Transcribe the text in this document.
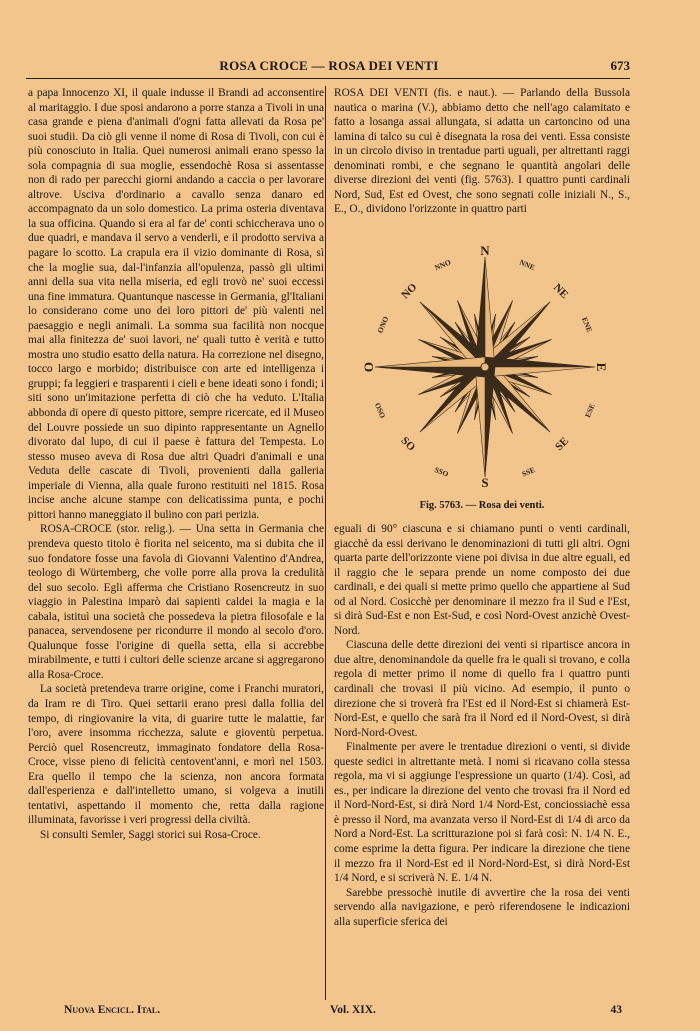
ROSA CROCE — ROSA DEI VENTI	673

a papa Innocenzo XI, il quale indusse il Brandi ad acconsentire al maritaggio. I due sposi andarono a porre stanza a Tivoli in una casa grande e piena d'animali d'ogni fatta allevati da Rosa pe' suoi studii. Da ciò gli venne il nome di Rosa di Tivoli, con cui è più conosciuto in Italia. Quei numerosi animali erano spesso la sola compagnia di sua moglie, essendochè Rosa si assentasse non di rado per parecchi giorni andando a caccia o per lavorare altrove. Usciva d'ordinario a cavallo senza danaro ed accompagnato da un solo domestico. La prima osteria diventava la sua officina. Quando si era al far de' conti schiccherava uno o due quadri, e mandava il servo a venderli, e il prodotto serviva a pagare lo scotto. La crapula era il vizio dominante di Rosa, sì che la moglie sua, dal-l'infanzia all'opulenza, passò gli ultimi anni della sua vita nella miseria, ed egli trovò ne' suoi eccessi una fine immatura. Quantunque nascesse in Germania, gl'Italiani lo considerano come uno dei loro pittori de' più valenti nel paesaggio e negli animali. La somma sua facilità non nocque mai alla finitezza de' suoi lavori, ne' quali tutto è verità e tutto mostra uno studio esatto della natura. Ha correzione nel disegno, tocco largo e morbido; distribuisce con arte ed intelligenza i gruppi; fa leggieri e trasparenti i cieli e bene ideati sono i fondi; i siti sono un'imitazione perfetta di ciò che ha veduto. L'Italia abbonda di opere di questo pittore, sempre ricercate, ed il Museo del Louvre possiede un suo dipinto rappresentante un Agnello divorato dal lupo, di cui il paese è fattura del Tempesta. Lo stesso museo aveva di Rosa due altri Quadri d'animali e una Veduta delle cascate di Tivoli, provenienti dalla galleria imperiale di Vienna, alla quale furono restituiti nel 1815. Rosa incise anche alcune stampe con delicatissima punta, e pochi pittori hanno maneggiato il bulino con pari perizia.

ROSA-CROCE (stor. relig.). — Una setta in Germania che prendeva questo titolo è fiorita nel seicento, ma si dubita che il suo fondatore fosse una favola di Giovanni Valentino d'Andrea, teologo di Würtemberg, che volle porre alla prova la credulità del suo secolo. Egli afferma che Cristiano Rosencreutz in suo viaggio in Palestina imparò dai sapienti caldei la magia e la cabala, istituì una società che possedeva la pietra filosofale e la panacea, servendosene per ricondurre il mondo al secolo d'oro. Qualunque fosse l'origine di quella setta, ella si accrebbe mirabilmente, e tutti i cultori delle scienze arcane si aggregarono alla Rosa-Croce.

La società pretendeva trarre origine, come i Franchi muratori, da Iram re di Tiro. Quei settarii erano presi dalla follia del tempo, di ringiovanire la vita, di guarire tutte le malattie, far l'oro, avere insomma ricchezza, salute e gioventù perpetua. Perciò quel Rosencreutz, immaginato fondatore della Rosa-Croce, visse pieno di felicità centovent'anni, e morì nel 1503. Era quello il tempo che la scienza, non ancora formata dall'esperienza e dall'intelletto umano, si volgeva a inutili tentativi, aspettando il momento che, retta dalla ragione illuminata, favorisse i veri progressi della civiltà.

Si consulti Semler, Saggi storici sui Rosa-Croce.

ROSA DEI VENTI (fis. e naut.). — Parlando della Bussola nautica o marina (V.), abbiamo detto che nell'ago calamitato e fatto a losanga assai allungata, si adatta un cartoncino od una lamina di talco su cui è disegnata la rosa dei venti. Essa consiste in un circolo diviso in trentadue parti uguali, per altrettanti raggi denominati rombi, e che segnano le quantità angolari delle diverse direzioni dei venti (fig. 5763). I quattro punti cardinali Nord, Sud, Est ed Ovest, che sono segnati colle iniziali N., S., E., O., dividono l'orizzonte in quattro parti

N
S
E
O
NE
NO
SE
SO
NNE
NNO
ENE
ONO
ESE
OSO
SSE
SSO
Fig. 5763. — Rosa dei venti.

eguali di 90° ciascuna e si chiamano punti o venti cardinali, giacchè da essi derivano le denominazioni di tutti gli altri. Ogni quarta parte dell'orizzonte viene poi divisa in due altre eguali, ed il raggio che le separa prende un nome composto dei due cardinali, e dei quali si mette primo quello che appartiene al Sud od al Nord. Cosicchè per denominare il mezzo fra il Sud e l'Est, si dirà Sud-Est e non Est-Sud, e così Nord-Ovest anzichè Ovest-Nord.

Ciascuna delle dette direzioni dei venti si ripartisce ancora in due altre, denominandole da quelle fra le quali si trovano, e colla regola di metter primo il nome di quello fra i quattro punti cardinali che trovasi il più vicino. Ad esempio, il punto o direzione che si troverà fra l'Est ed il Nord-Est si chiamerà Est-Nord-Est, e quello che sarà fra il Nord ed il Nord-Ovest, si dirà Nord-Nord-Ovest.

Finalmente per avere le trentadue direzioni o venti, si divide queste sedici in altrettante metà. I nomi si ricavano colla stessa regola, ma vi si aggiunge l'espressione un quarto (1/4). Così, ad es., per indicare la direzione del vento che trovasi fra il Nord ed il Nord-Nord-Est, si dirà Nord 1/4 Nord-Est, conciossiachè essa è presso il Nord, ma avanzata verso il Nord-Est di 1/4 di arco da Nord a Nord-Est. La scritturazione poi si farà così: N. 1/4 N. E., come esprime la detta figura. Per indicare la direzione che tiene il mezzo fra il Nord-Est ed il Nord-Nord-Est, si dirà Nord-Est 1/4 Nord, e si scriverà N. E. 1/4 N.

Sarebbe pressochè inutile di avvertire che la rosa dei venti servendo alla navigazione, e però riferendosene le indicazioni alla superficie sferica dei

Nuova Encicl. Ital.	Vol. XIX.	43
